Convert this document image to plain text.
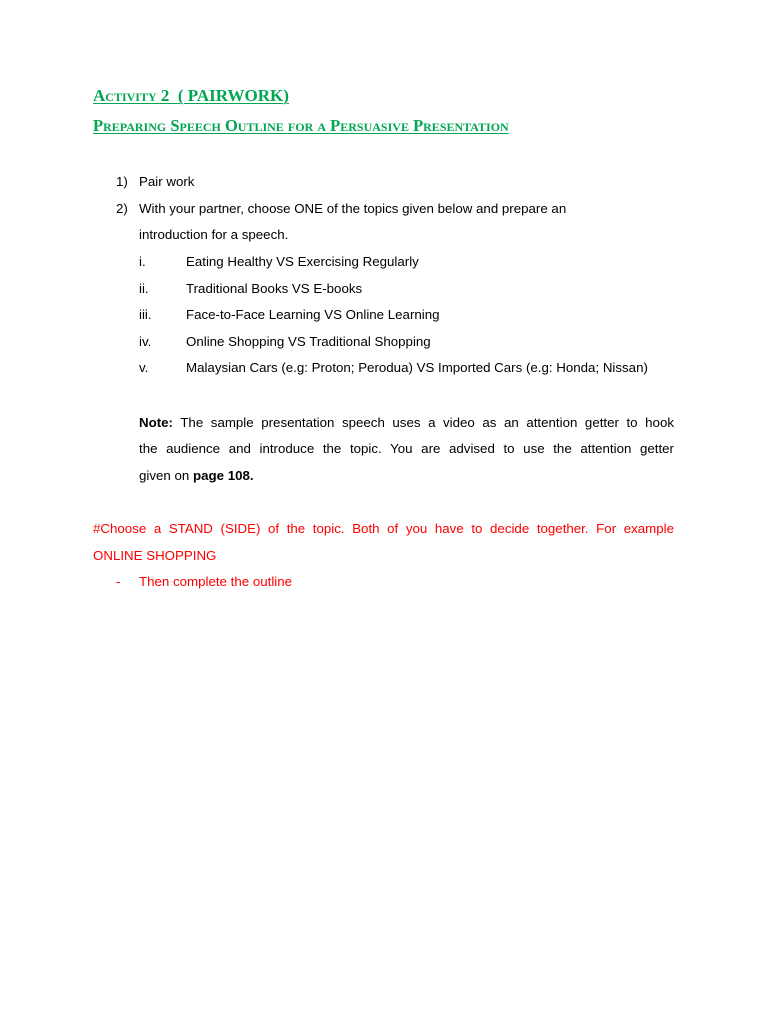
Activity 2 ( PAIRWORK)
Preparing Speech Outline for a Persuasive Presentation
1) Pair work
2) With your partner, choose ONE of the topics given below and prepare an
introduction for a speech.
i.	Eating Healthy VS Exercising Regularly
ii.	Traditional Books VS E-books
iii.	Face-to-Face Learning VS Online Learning
iv.	Online Shopping VS Traditional Shopping
v.	Malaysian Cars (e.g: Proton; Perodua) VS Imported Cars (e.g: Honda; Nissan)
Note: The sample presentation speech uses a video as an attention getter to hook
the audience and introduce the topic. You are advised to use the attention getter
given on page 108.
#Choose a STAND (SIDE) of the topic. Both of you have to decide together. For example
ONLINE SHOPPING
- Then complete the outline
